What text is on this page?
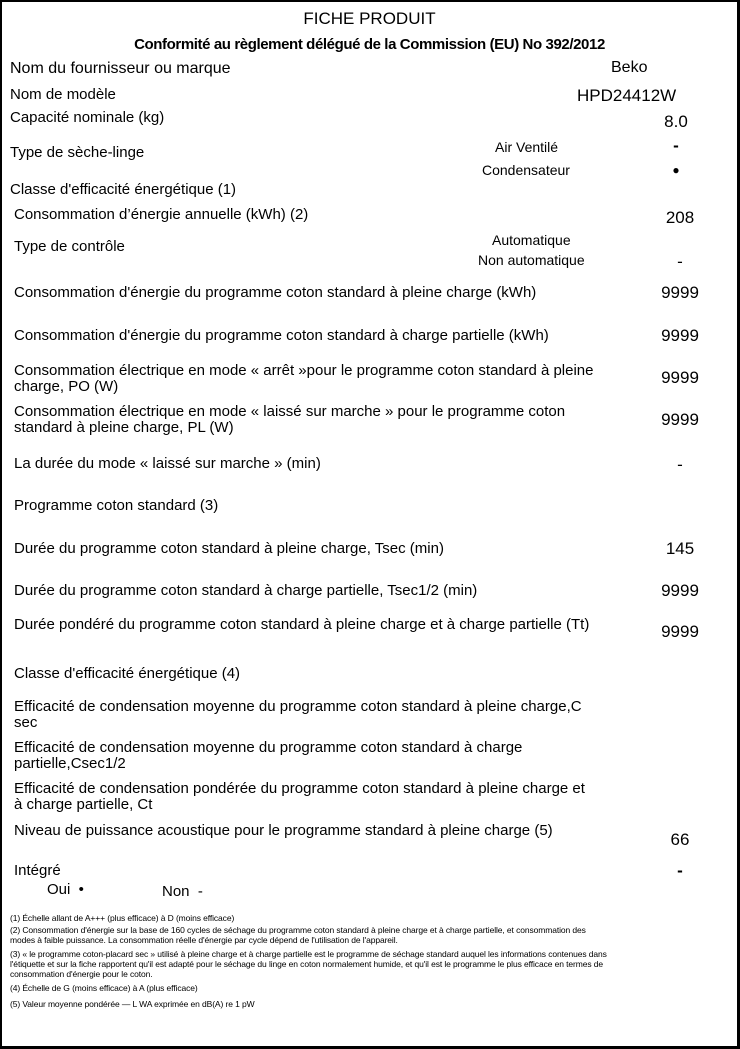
FICHE PRODUIT
Conformité au règlement délégué de la Commission (EU) No 392/2012
Nom du fournisseur ou marque	Beko
Nom de modèle	HPD24412W
Capacité nominale (kg)	8.0
Type de sèche-linge	Air Ventilé	-
Condensateur	●
Classe d'efficacité énergétique (1)
Consommation d’énergie annuelle (kWh) (2)	208
Type de contrôle	Automatique
Non automatique	-
Consommation d'énergie du programme coton standard à pleine charge (kWh)	9999
Consommation d'énergie du programme coton standard à charge partielle (kWh)	9999
Consommation électrique en mode « arrêt »pour le programme coton standard à pleine charge, PO (W)	9999
Consommation électrique en mode « laissé sur marche » pour le programme coton standard à pleine charge, PL (W)	9999
La durée du mode « laissé sur marche » (min)	-
Programme coton standard (3)
Durée du programme coton standard à pleine charge, Tsec (min)	145
Durée du programme coton standard à charge partielle, Tsec1/2 (min)	9999
Durée pondéré du programme coton standard à pleine charge et à charge partielle (Tt)	9999
Classe d'efficacité énergétique (4)
Efficacité de condensation moyenne du programme coton standard à pleine charge,C sec
Efficacité de condensation moyenne du programme coton standard à charge partielle,Csec1/2
Efficacité de condensation pondérée du programme coton standard à pleine charge et à charge partielle, Ct
Niveau de puissance acoustique pour le programme standard à pleine charge (5)	66
Intégré	-
Oui  •	Non  -
(1) Échelle allant de A+++ (plus efficace) à D (moins efficace)
(2) Consommation d'énergie sur la base de 160 cycles de séchage du programme coton standard à pleine charge et à charge partielle, et consommation des modes à faible puissance. La consommation réelle d'énergie par cycle dépend de l'utilisation de l'appareil.
(3) « le programme coton-placard sec » utilisé à pleine charge et à charge partielle est le programme de séchage standard auquel les informations contenues dans l'étiquette et sur la fiche rapportent qu'il est adapté pour le séchage du linge en coton normalement humide, et qu'il est le programme le plus efficace en termes de consommation d'énergie pour le coton.
(4) Échelle de G (moins efficace) à A (plus efficace)
(5) Valeur moyenne pondérée — L WA exprimée en dB(A) re 1 pW
